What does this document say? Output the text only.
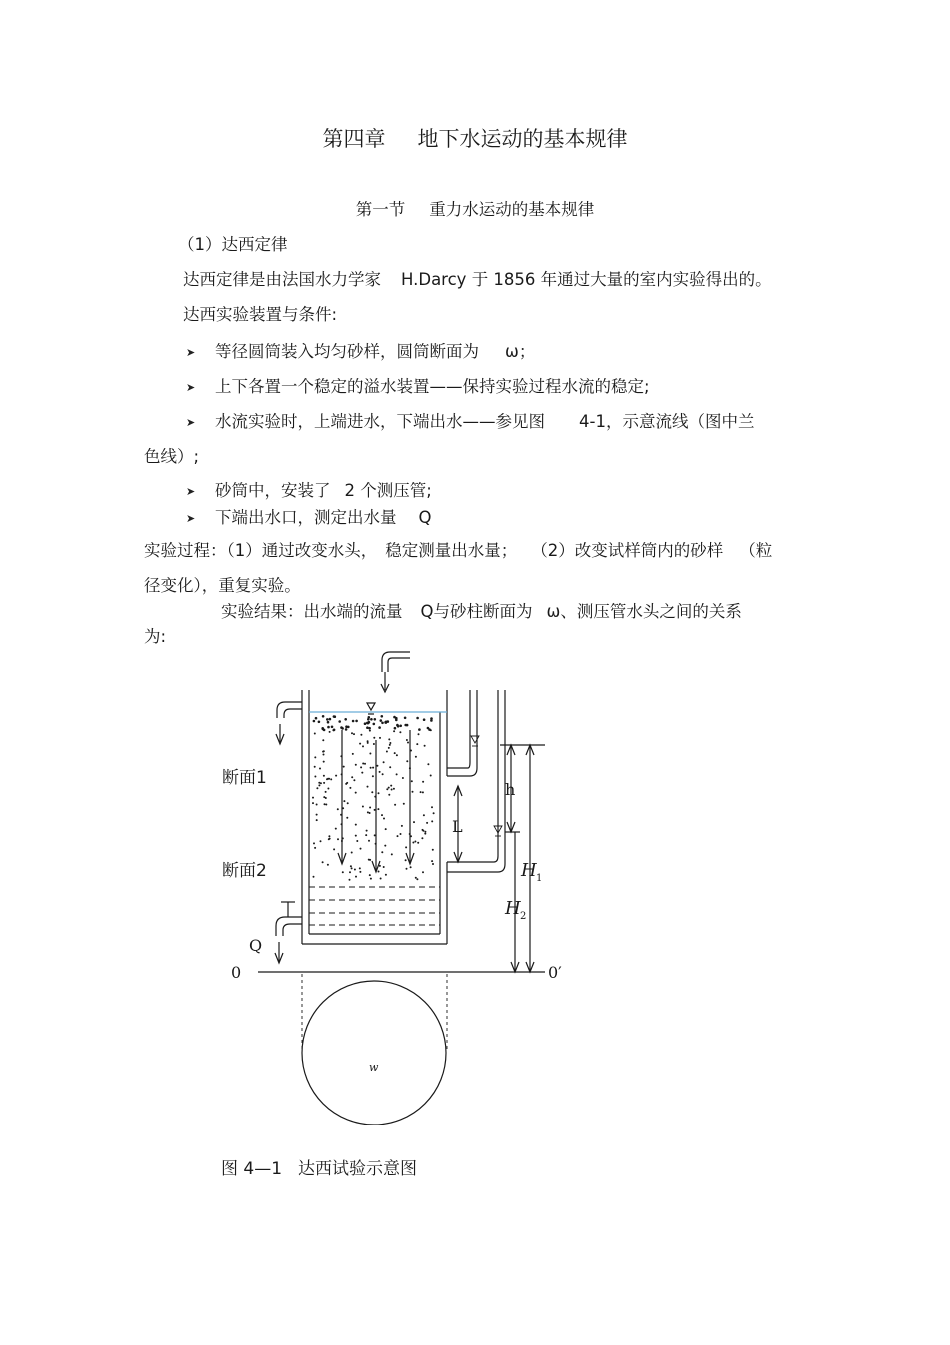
第四章 地下水运动的基本规律
第一节 重力水运动的基本规律
（1）达西定律
达西定律是由法国水力学家 H.Darcy 于 1856 年通过大量的室内实验得出的。
达西实验装置与条件:
➤ 等径圆筒装入均匀砂样，圆筒断面为 ω；
➤ 上下各置一个稳定的溢水装置——保持实验过程水流的稳定;
➤ 水流实验时，上端进水，下端出水——参见图 4-1，示意流线（图中兰
色线）;
➤ 砂筒中，安装了 2 个测压管;
➤ 下端出水口，测定出水量 Q
实验过程：（1）通过改变水头， 稳定测量出水量； （2）改变试样筒内的砂样 （粒
径变化），重复实验。
实验结果：出水端的流量 Q与砂柱断面为 ω、测压管水头之间的关系
为:
断面1
断面2
h
L
H 1
H 2
Q
0	0′
w
图 4—1 达西试验示意图
